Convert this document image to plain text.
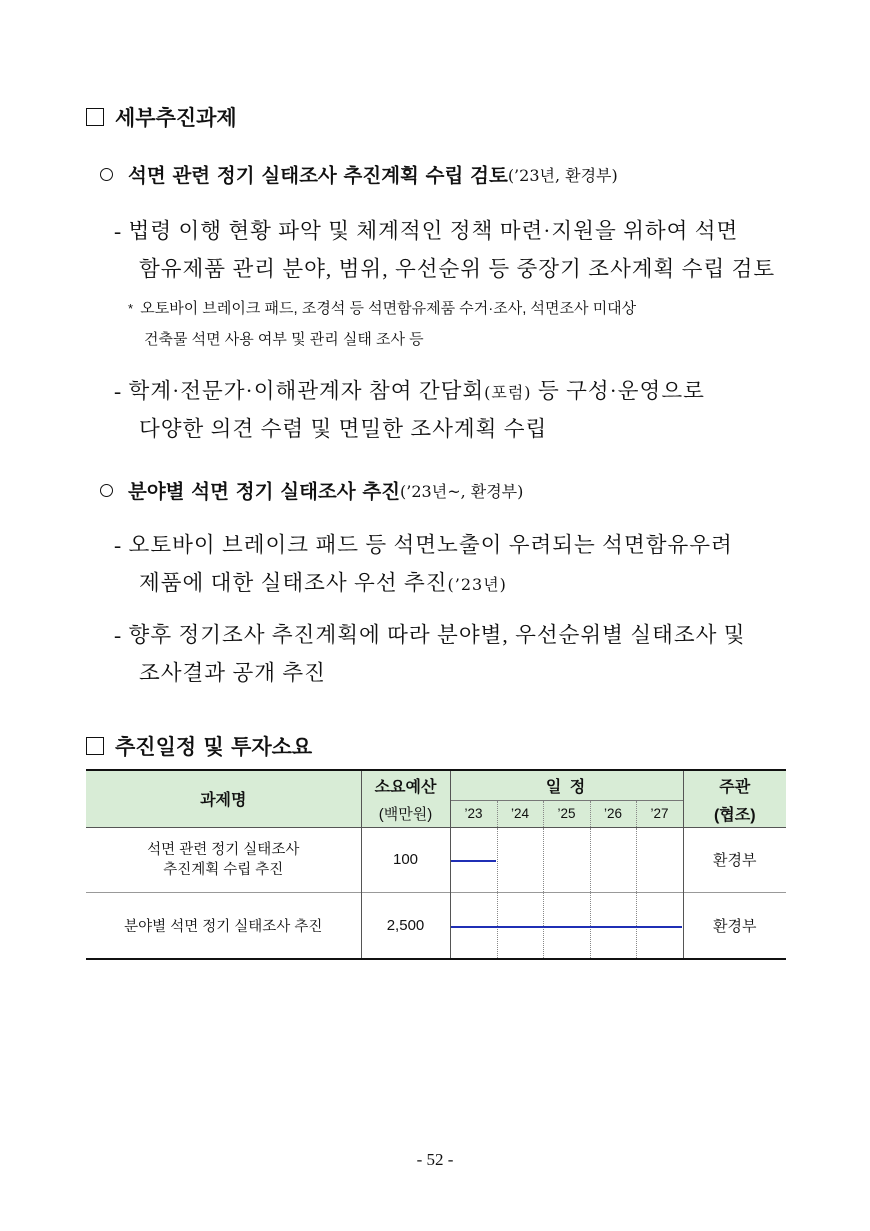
세부추진과제
석면 관련 정기 실태조사 추진계획 수립 검토 (’23년, 환경부)
- 법령 이행 현황 파악 및 체계적인 정책 마련·지원을 위하여 석면
함유제품 관리 분야, 범위, 우선순위 등 중장기 조사계획 수립 검토
*  오토바이 브레이크 패드, 조경석 등 석면함유제품 수거·조사, 석면조사 미대상
건축물 석면 사용 여부 및 관리 실태 조사 등
- 학계·전문가·이해관계자 참여 간담회(포럼) 등 구성·운영으로
다양한 의견 수렴 및 면밀한 조사계획 수립
분야별 석면 정기 실태조사 추진 (’23년~, 환경부)
- 오토바이 브레이크 패드 등 석면노출이 우려되는 석면함유우려
제품에 대한 실태조사 우선 추진(’23년)
- 향후 정기조사 추진계획에 따라 분야별, 우선순위별 실태조사 및
조사결과 공개 추진
추진일정 및 투자소요
과제명	소요예산	일 정					주관
	(백만원)	’23	’24	’25	’26	’27	(협조)

석면 관련 정기 실태조사
추진계획 수립 추진	100						환경부

분야별 석면 정기 실태조사 추진	2,500						환경부
- 52 -
